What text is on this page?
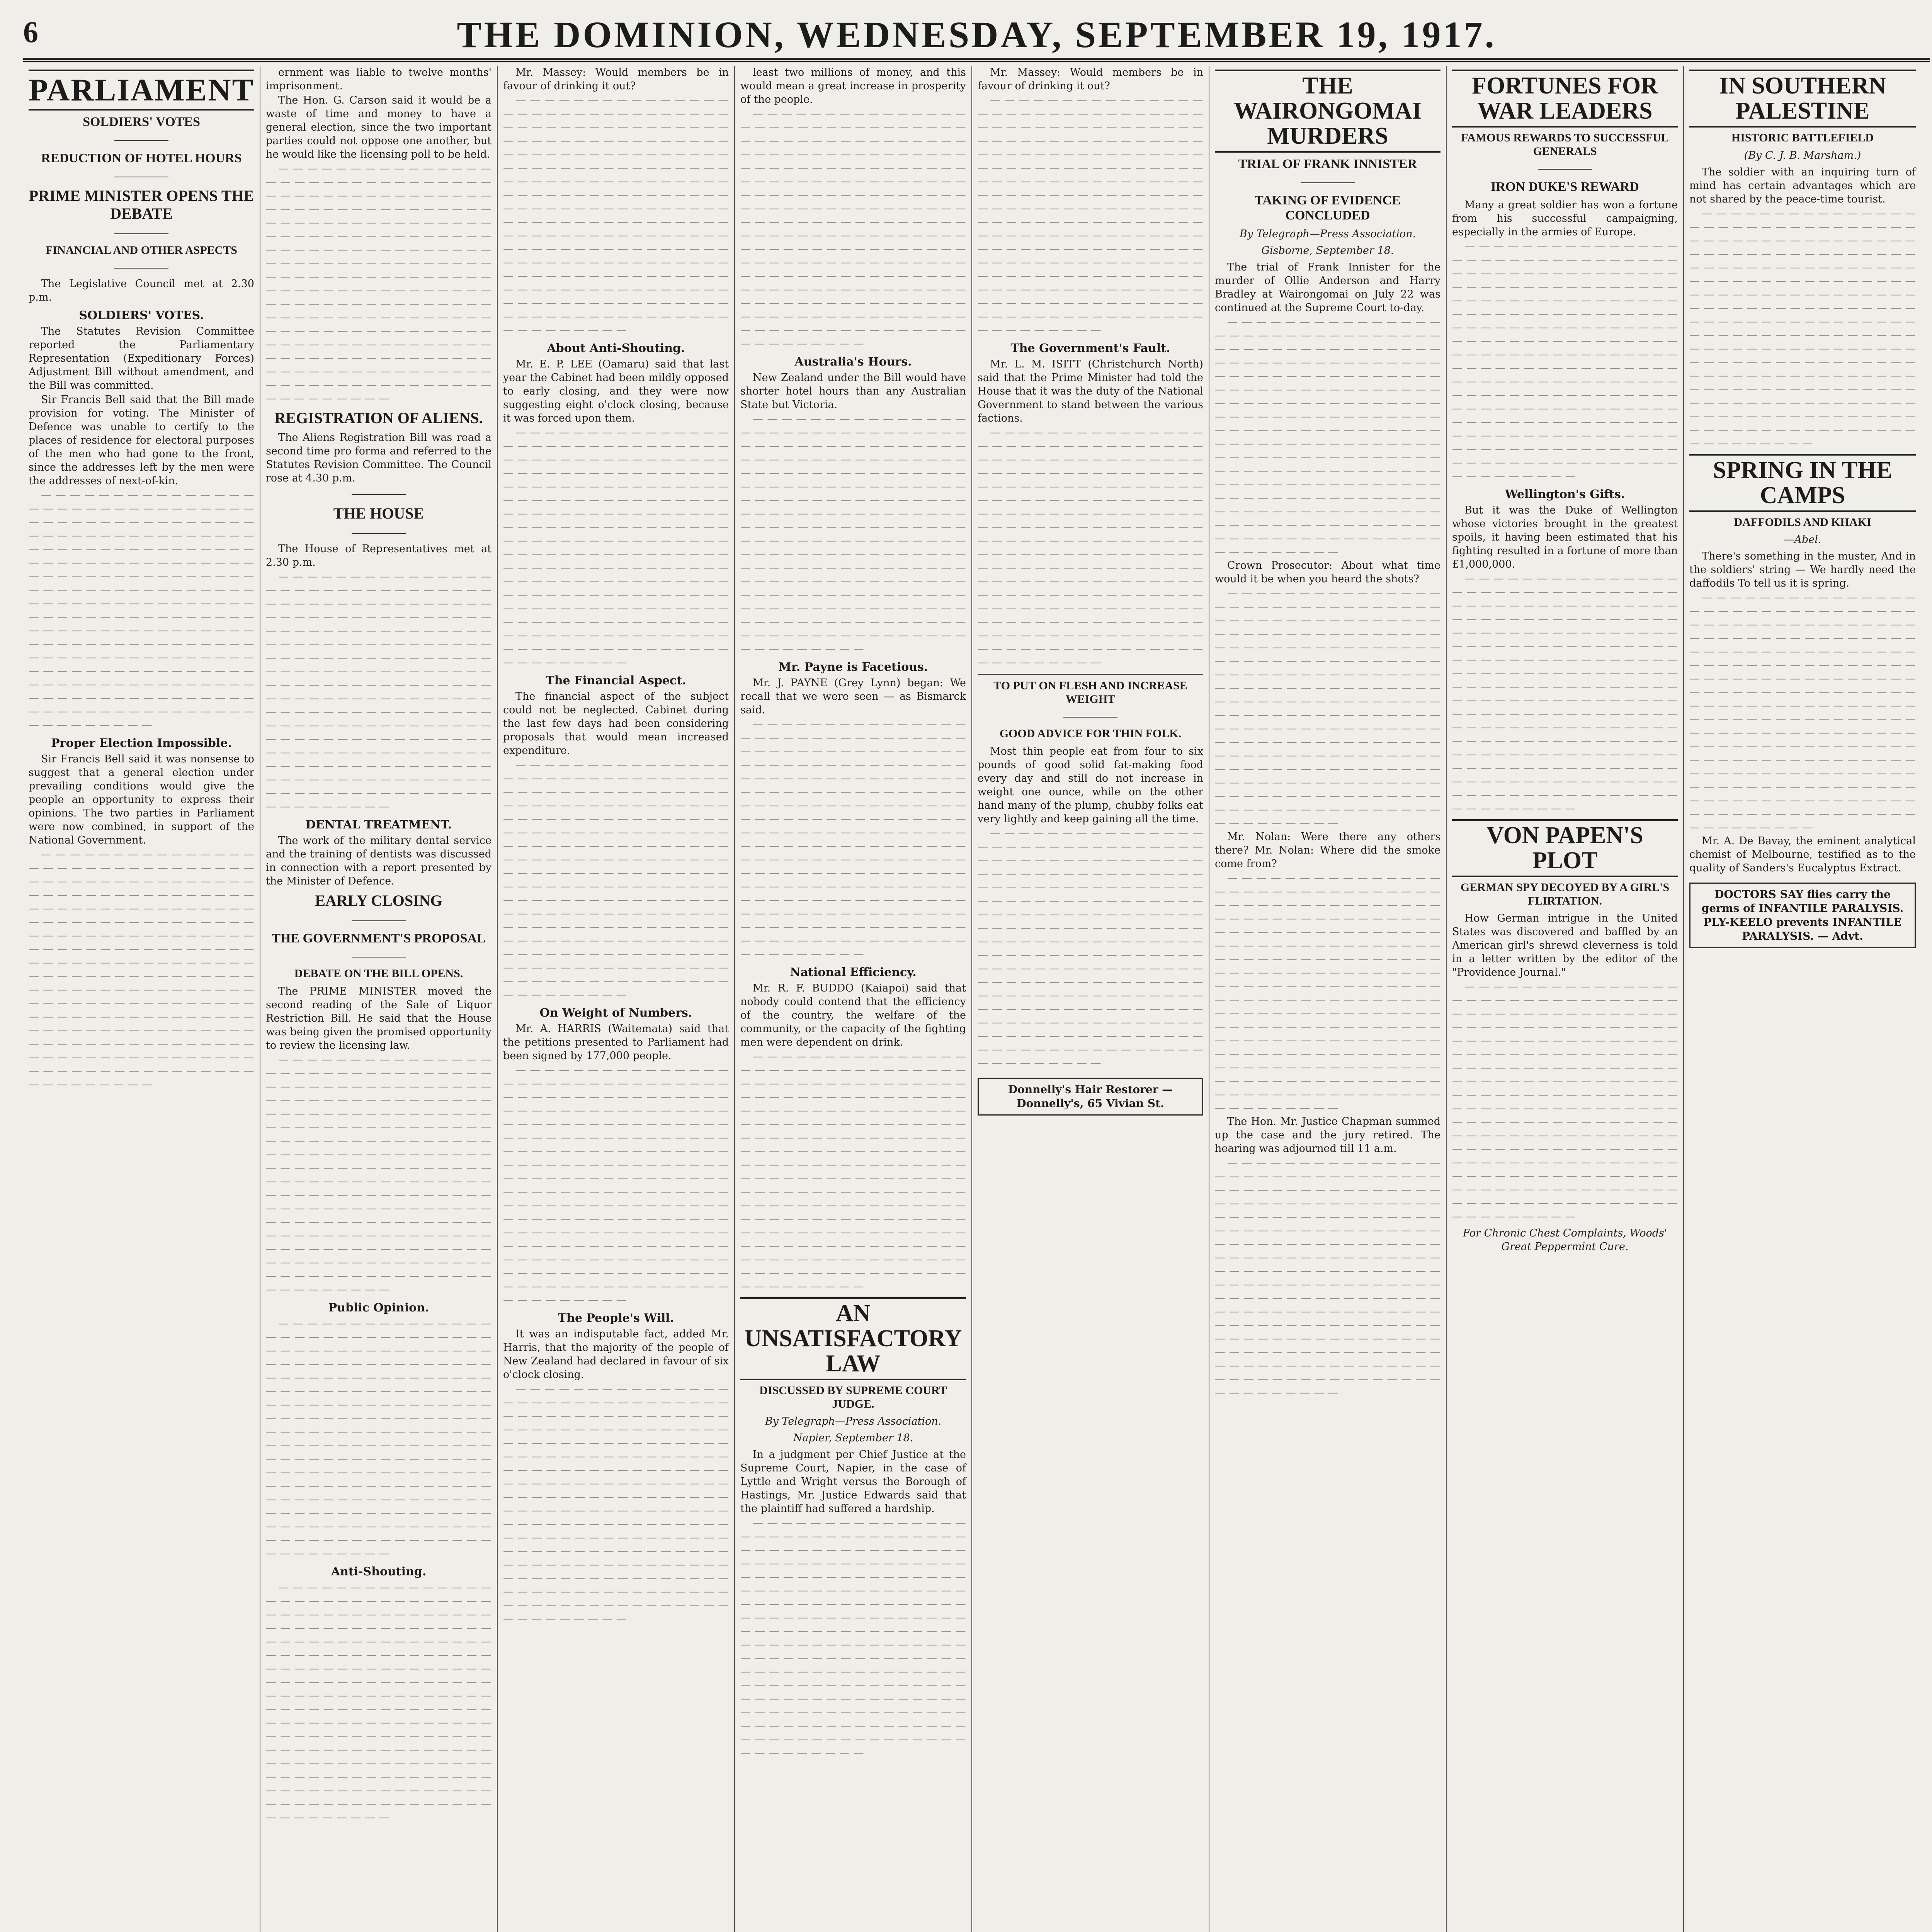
6	THE DOMINION, WEDNESDAY, SEPTEMBER 19, 1917.
PARLIAMENT
SOLDIERS' VOTES
REDUCTION OF HOTEL HOURS
PRIME MINISTER OPENS THE DEBATE
FINANCIAL AND OTHER ASPECTS

The Legislative Council met at 2.30 p.m.

SOLDIERS' VOTES.

The Statutes Revision Committee reported the Parliamentary Representation (Expeditionary Forces) Adjustment Bill without amendment, and the Bill was committed.

Sir Francis Bell said that the Bill made provision for voting. The Minister of Defence was unable to certify to the places of residence for electoral purposes of the men who had gone to the front, since the addresses left by the men were the addresses of next-of-kin.

— — — — — — — — — — — — — — — — — — — — — — — — — — — — — — — — — — — — — — — — — — — — — — — — — — — — — — — — — — — — — — — — — — — — — — — — — — — — — — — — — — — — — — — — — — — — — — — — — — — — — — — — — — — — — — — — — — — — — — — — — — — — — — — — — — — — — — — — — — — — — — — — — — — — — — — — — — — — — — — — — — — — — — — — — — — — — — — — — — — — — — — — — — — — — — — — — — — — — — — — — — — — — — — — — — — — — — — — — — — — — — — — — — — — — — — — — — — — — — — — — — — — — — — — — — — — — — — — — — — — — — — — — — — — — — — — — — — — — — — —
Proper Election Impossible.

Sir Francis Bell said it was nonsense to suggest that a general election under prevailing conditions would give the people an opportunity to express their opinions. The two parties in Parliament were now combined, in support of the National Government.

— — — — — — — — — — — — — — — — — — — — — — — — — — — — — — — — — — — — — — — — — — — — — — — — — — — — — — — — — — — — — — — — — — — — — — — — — — — — — — — — — — — — — — — — — — — — — — — — — — — — — — — — — — — — — — — — — — — — — — — — — — — — — — — — — — — — — — — — — — — — — — — — — — — — — — — — — — — — — — — — — — — — — — — — — — — — — — — — — — — — — — — — — — — — — — — — — — — — — — — — — — — — — — — — — — — — — — — — — — — — — — — — — — — — — — — — — — — — — — — — — — — — — — — — — — — — — — — — — — — — — — — — — — — — — — — — — — — — — — — —

ernment was liable to twelve months' imprisonment.

The Hon. G. Carson said it would be a waste of time and money to have a general election, since the two important parties could not oppose one another, but he would like the licensing poll to be held.

— — — — — — — — — — — — — — — — — — — — — — — — — — — — — — — — — — — — — — — — — — — — — — — — — — — — — — — — — — — — — — — — — — — — — — — — — — — — — — — — — — — — — — — — — — — — — — — — — — — — — — — — — — — — — — — — — — — — — — — — — — — — — — — — — — — — — — — — — — — — — — — — — — — — — — — — — — — — — — — — — — — — — — — — — — — — — — — — — — — — — — — — — — — — — — — — — — — — — — — — — — — — — — — — — — — — — — — — — — — — — — — — — — — — — — — — — — — — — — — — — — — — — — — — — — — — — — — — — — — — — — — — — — — — — — — — — — — — — — — —
REGISTRATION OF ALIENS.

The Aliens Registration Bill was read a second time pro forma and referred to the Statutes Revision Committee. The Council rose at 4.30 p.m.

THE HOUSE

The House of Representatives met at 2.30 p.m.

— — — — — — — — — — — — — — — — — — — — — — — — — — — — — — — — — — — — — — — — — — — — — — — — — — — — — — — — — — — — — — — — — — — — — — — — — — — — — — — — — — — — — — — — — — — — — — — — — — — — — — — — — — — — — — — — — — — — — — — — — — — — — — — — — — — — — — — — — — — — — — — — — — — — — — — — — — — — — — — — — — — — — — — — — — — — — — — — — — — — — — — — — — — — — — — — — — — — — — — — — — — — — — — — — — — — — — — — — — — — — — — — — — — — — — — — — — — — — — — — — — — — — — — — — — — — — — — — — — — — — — — — — — — — — — — — — — — — — — — —
DENTAL TREATMENT.

The work of the military dental service and the training of dentists was discussed in connection with a report presented by the Minister of Defence.

EARLY CLOSING
THE GOVERNMENT'S PROPOSAL
DEBATE ON THE BILL OPENS.

The PRIME MINISTER moved the second reading of the Sale of Liquor Restriction Bill. He said that the House was being given the promised opportunity to review the licensing law.

— — — — — — — — — — — — — — — — — — — — — — — — — — — — — — — — — — — — — — — — — — — — — — — — — — — — — — — — — — — — — — — — — — — — — — — — — — — — — — — — — — — — — — — — — — — — — — — — — — — — — — — — — — — — — — — — — — — — — — — — — — — — — — — — — — — — — — — — — — — — — — — — — — — — — — — — — — — — — — — — — — — — — — — — — — — — — — — — — — — — — — — — — — — — — — — — — — — — — — — — — — — — — — — — — — — — — — — — — — — — — — — — — — — — — — — — — — — — — — — — — — — — — — — — — — — — — — — — — — — — — — — — — — — — — — — — — — — — — — — —
Public Opinion.
— — — — — — — — — — — — — — — — — — — — — — — — — — — — — — — — — — — — — — — — — — — — — — — — — — — — — — — — — — — — — — — — — — — — — — — — — — — — — — — — — — — — — — — — — — — — — — — — — — — — — — — — — — — — — — — — — — — — — — — — — — — — — — — — — — — — — — — — — — — — — — — — — — — — — — — — — — — — — — — — — — — — — — — — — — — — — — — — — — — — — — — — — — — — — — — — — — — — — — — — — — — — — — — — — — — — — — — — — — — — — — — — — — — — — — — — — — — — — — — — — — — — — — — — — — — — — — — — — — — — — — — — — — — — — — — — — — — — — — — —
Anti-Shouting.
— — — — — — — — — — — — — — — — — — — — — — — — — — — — — — — — — — — — — — — — — — — — — — — — — — — — — — — — — — — — — — — — — — — — — — — — — — — — — — — — — — — — — — — — — — — — — — — — — — — — — — — — — — — — — — — — — — — — — — — — — — — — — — — — — — — — — — — — — — — — — — — — — — — — — — — — — — — — — — — — — — — — — — — — — — — — — — — — — — — — — — — — — — — — — — — — — — — — — — — — — — — — — — — — — — — — — — — — — — — — — — — — — — — — — — — — — — — — — — — — — — — — — — — — — — — — — — — — — — — — — — — — — — — — — — — — — — — — — — — —

Mr. Massey: Would members be in favour of drinking it out?

— — — — — — — — — — — — — — — — — — — — — — — — — — — — — — — — — — — — — — — — — — — — — — — — — — — — — — — — — — — — — — — — — — — — — — — — — — — — — — — — — — — — — — — — — — — — — — — — — — — — — — — — — — — — — — — — — — — — — — — — — — — — — — — — — — — — — — — — — — — — — — — — — — — — — — — — — — — — — — — — — — — — — — — — — — — — — — — — — — — — — — — — — — — — — — — — — — — — — — — — — — — — — — — — — — — — — — — — — — — — — — — — — — — — — — — — — — — — — — — — — — — — — — — — — — — — — — — — — — — — — — — — — — — — — — — — — — — — — — — —
About Anti-Shouting.

Mr. E. P. LEE (Oamaru) said that last year the Cabinet had been mildly opposed to early closing, and they were now suggesting eight o'clock closing, because it was forced upon them.

— — — — — — — — — — — — — — — — — — — — — — — — — — — — — — — — — — — — — — — — — — — — — — — — — — — — — — — — — — — — — — — — — — — — — — — — — — — — — — — — — — — — — — — — — — — — — — — — — — — — — — — — — — — — — — — — — — — — — — — — — — — — — — — — — — — — — — — — — — — — — — — — — — — — — — — — — — — — — — — — — — — — — — — — — — — — — — — — — — — — — — — — — — — — — — — — — — — — — — — — — — — — — — — — — — — — — — — — — — — — — — — — — — — — — — — — — — — — — — — — — — — — — — — — — — — — — — — — — — — — — — — — — — — — — — — — — — — — — — — —
The Financial Aspect.

The financial aspect of the subject could not be neglected. Cabinet during the last few days had been considering proposals that would mean increased expenditure.

— — — — — — — — — — — — — — — — — — — — — — — — — — — — — — — — — — — — — — — — — — — — — — — — — — — — — — — — — — — — — — — — — — — — — — — — — — — — — — — — — — — — — — — — — — — — — — — — — — — — — — — — — — — — — — — — — — — — — — — — — — — — — — — — — — — — — — — — — — — — — — — — — — — — — — — — — — — — — — — — — — — — — — — — — — — — — — — — — — — — — — — — — — — — — — — — — — — — — — — — — — — — — — — — — — — — — — — — — — — — — — — — — — — — — — — — — — — — — — — — — — — — — — — — — — — — — — — — — — — — — — — — — — — — — — — — — — — — — — — —
On Weight of Numbers.

Mr. A. HARRIS (Waitemata) said that the petitions presented to Parliament had been signed by 177,000 people.

— — — — — — — — — — — — — — — — — — — — — — — — — — — — — — — — — — — — — — — — — — — — — — — — — — — — — — — — — — — — — — — — — — — — — — — — — — — — — — — — — — — — — — — — — — — — — — — — — — — — — — — — — — — — — — — — — — — — — — — — — — — — — — — — — — — — — — — — — — — — — — — — — — — — — — — — — — — — — — — — — — — — — — — — — — — — — — — — — — — — — — — — — — — — — — — — — — — — — — — — — — — — — — — — — — — — — — — — — — — — — — — — — — — — — — — — — — — — — — — — — — — — — — — — — — — — — — — — — — — — — — — — — — — — — — — — — — — — — — — —
The People's Will.

It was an indisputable fact, added Mr. Harris, that the majority of the people of New Zealand had declared in favour of six o'clock closing.

— — — — — — — — — — — — — — — — — — — — — — — — — — — — — — — — — — — — — — — — — — — — — — — — — — — — — — — — — — — — — — — — — — — — — — — — — — — — — — — — — — — — — — — — — — — — — — — — — — — — — — — — — — — — — — — — — — — — — — — — — — — — — — — — — — — — — — — — — — — — — — — — — — — — — — — — — — — — — — — — — — — — — — — — — — — — — — — — — — — — — — — — — — — — — — — — — — — — — — — — — — — — — — — — — — — — — — — — — — — — — — — — — — — — — — — — — — — — — — — — — — — — — — — — — — — — — — — — — — — — — — — — — — — — — — — — — — — — — — — —

least two millions of money, and this would mean a great increase in prosperity of the people.

— — — — — — — — — — — — — — — — — — — — — — — — — — — — — — — — — — — — — — — — — — — — — — — — — — — — — — — — — — — — — — — — — — — — — — — — — — — — — — — — — — — — — — — — — — — — — — — — — — — — — — — — — — — — — — — — — — — — — — — — — — — — — — — — — — — — — — — — — — — — — — — — — — — — — — — — — — — — — — — — — — — — — — — — — — — — — — — — — — — — — — — — — — — — — — — — — — — — — — — — — — — — — — — — — — — — — — — — — — — — — — — — — — — — — — — — — — — — — — — — — — — — — — — — — — — — — — — — — — — — — — — — — — — — — — — — — — — — — — — —
Australia's Hours.

New Zealand under the Bill would have shorter hotel hours than any Australian State but Victoria.

— — — — — — — — — — — — — — — — — — — — — — — — — — — — — — — — — — — — — — — — — — — — — — — — — — — — — — — — — — — — — — — — — — — — — — — — — — — — — — — — — — — — — — — — — — — — — — — — — — — — — — — — — — — — — — — — — — — — — — — — — — — — — — — — — — — — — — — — — — — — — — — — — — — — — — — — — — — — — — — — — — — — — — — — — — — — — — — — — — — — — — — — — — — — — — — — — — — — — — — — — — — — — — — — — — — — — — — — — — — — — — — — — — — — — — — — — — — — — — — — — — — — — — — — — — — — — — — — — — — — — — — — — — — — — — — — — — — — — — — —
Mr. Payne is Facetious.

Mr. J. PAYNE (Grey Lynn) began: We recall that we were seen — as Bismarck said.

— — — — — — — — — — — — — — — — — — — — — — — — — — — — — — — — — — — — — — — — — — — — — — — — — — — — — — — — — — — — — — — — — — — — — — — — — — — — — — — — — — — — — — — — — — — — — — — — — — — — — — — — — — — — — — — — — — — — — — — — — — — — — — — — — — — — — — — — — — — — — — — — — — — — — — — — — — — — — — — — — — — — — — — — — — — — — — — — — — — — — — — — — — — — — — — — — — — — — — — — — — — — — — — — — — — — — — — — — — — — — — — — — — — — — — — — — — — — — — — — — — — — — — — — — — — — — — — — — — — — — — — — — — — — — — — — — — — — — — — —
National Efficiency.

Mr. R. F. BUDDO (Kaiapoi) said that nobody could contend that the efficiency of the country, the welfare of the community, or the capacity of the fighting men were dependent on drink.

— — — — — — — — — — — — — — — — — — — — — — — — — — — — — — — — — — — — — — — — — — — — — — — — — — — — — — — — — — — — — — — — — — — — — — — — — — — — — — — — — — — — — — — — — — — — — — — — — — — — — — — — — — — — — — — — — — — — — — — — — — — — — — — — — — — — — — — — — — — — — — — — — — — — — — — — — — — — — — — — — — — — — — — — — — — — — — — — — — — — — — — — — — — — — — — — — — — — — — — — — — — — — — — — — — — — — — — — — — — — — — — — — — — — — — — — — — — — — — — — — — — — — — — — — — — — — — — — — — — — — — — — — — — — — — — — — — — — — — — —
AN UNSATISFACTORY LAW
DISCUSSED BY SUPREME COURT JUDGE.
By Telegraph—Press Association.
Napier, September 18.

In a judgment per Chief Justice at the Supreme Court, Napier, in the case of Lyttle and Wright versus the Borough of Hastings, Mr. Justice Edwards said that the plaintiff had suffered a hardship.

— — — — — — — — — — — — — — — — — — — — — — — — — — — — — — — — — — — — — — — — — — — — — — — — — — — — — — — — — — — — — — — — — — — — — — — — — — — — — — — — — — — — — — — — — — — — — — — — — — — — — — — — — — — — — — — — — — — — — — — — — — — — — — — — — — — — — — — — — — — — — — — — — — — — — — — — — — — — — — — — — — — — — — — — — — — — — — — — — — — — — — — — — — — — — — — — — — — — — — — — — — — — — — — — — — — — — — — — — — — — — — — — — — — — — — — — — — — — — — — — — — — — — — — — — — — — — — — — — — — — — — — — — — — — — — — — — — — — — — — —

Mr. Massey: Would members be in favour of drinking it out?

— — — — — — — — — — — — — — — — — — — — — — — — — — — — — — — — — — — — — — — — — — — — — — — — — — — — — — — — — — — — — — — — — — — — — — — — — — — — — — — — — — — — — — — — — — — — — — — — — — — — — — — — — — — — — — — — — — — — — — — — — — — — — — — — — — — — — — — — — — — — — — — — — — — — — — — — — — — — — — — — — — — — — — — — — — — — — — — — — — — — — — — — — — — — — — — — — — — — — — — — — — — — — — — — — — — — — — — — — — — — — — — — — — — — — — — — — — — — — — — — — — — — — — — — — — — — — — — — — — — — — — — — — — — — — — — — — — — — — — — —
The Government's Fault.

Mr. L. M. ISITT (Christchurch North) said that the Prime Minister had told the House that it was the duty of the National Government to stand between the various factions.

— — — — — — — — — — — — — — — — — — — — — — — — — — — — — — — — — — — — — — — — — — — — — — — — — — — — — — — — — — — — — — — — — — — — — — — — — — — — — — — — — — — — — — — — — — — — — — — — — — — — — — — — — — — — — — — — — — — — — — — — — — — — — — — — — — — — — — — — — — — — — — — — — — — — — — — — — — — — — — — — — — — — — — — — — — — — — — — — — — — — — — — — — — — — — — — — — — — — — — — — — — — — — — — — — — — — — — — — — — — — — — — — — — — — — — — — — — — — — — — — — — — — — — — — — — — — — — — — — — — — — — — — — — — — — — — — — — — — — — — —
TO PUT ON FLESH AND INCREASE WEIGHT
GOOD ADVICE FOR THIN FOLK.

Most thin people eat from four to six pounds of good solid fat-making food every day and still do not increase in weight one ounce, while on the other hand many of the plump, chubby folks eat very lightly and keep gaining all the time.

— — — — — — — — — — — — — — — — — — — — — — — — — — — — — — — — — — — — — — — — — — — — — — — — — — — — — — — — — — — — — — — — — — — — — — — — — — — — — — — — — — — — — — — — — — — — — — — — — — — — — — — — — — — — — — — — — — — — — — — — — — — — — — — — — — — — — — — — — — — — — — — — — — — — — — — — — — — — — — — — — — — — — — — — — — — — — — — — — — — — — — — — — — — — — — — — — — — — — — — — — — — — — — — — — — — — — — — — — — — — — — — — — — — — — — — — — — — — — — — — — — — — — — — — — — — — — — — — — — — — — — — — — — — — — — — — — — — — — — — —
Donnelly's Hair Restorer — Donnelly's, 65 Vivian St.
THE WAIRONGOMAI MURDERS
TRIAL OF FRANK INNISTER
TAKING OF EVIDENCE CONCLUDED
By Telegraph—Press Association.
Gisborne, September 18.

The trial of Frank Innister for the murder of Ollie Anderson and Harry Bradley at Wairongomai on July 22 was continued at the Supreme Court to-day.

— — — — — — — — — — — — — — — — — — — — — — — — — — — — — — — — — — — — — — — — — — — — — — — — — — — — — — — — — — — — — — — — — — — — — — — — — — — — — — — — — — — — — — — — — — — — — — — — — — — — — — — — — — — — — — — — — — — — — — — — — — — — — — — — — — — — — — — — — — — — — — — — — — — — — — — — — — — — — — — — — — — — — — — — — — — — — — — — — — — — — — — — — — — — — — — — — — — — — — — — — — — — — — — — — — — — — — — — — — — — — — — — — — — — — — — — — — — — — — — — — — — — — — — — — — — — — — — — — — — — — — — — — — — — — — — — — — — — — — — —

Crown Prosecutor: About what time would it be when you heard the shots?

— — — — — — — — — — — — — — — — — — — — — — — — — — — — — — — — — — — — — — — — — — — — — — — — — — — — — — — — — — — — — — — — — — — — — — — — — — — — — — — — — — — — — — — — — — — — — — — — — — — — — — — — — — — — — — — — — — — — — — — — — — — — — — — — — — — — — — — — — — — — — — — — — — — — — — — — — — — — — — — — — — — — — — — — — — — — — — — — — — — — — — — — — — — — — — — — — — — — — — — — — — — — — — — — — — — — — — — — — — — — — — — — — — — — — — — — — — — — — — — — — — — — — — — — — — — — — — — — — — — — — — — — — — — — — — — — — — — — — — — —

Mr. Nolan: Were there any others there? Mr. Nolan: Where did the smoke come from?

— — — — — — — — — — — — — — — — — — — — — — — — — — — — — — — — — — — — — — — — — — — — — — — — — — — — — — — — — — — — — — — — — — — — — — — — — — — — — — — — — — — — — — — — — — — — — — — — — — — — — — — — — — — — — — — — — — — — — — — — — — — — — — — — — — — — — — — — — — — — — — — — — — — — — — — — — — — — — — — — — — — — — — — — — — — — — — — — — — — — — — — — — — — — — — — — — — — — — — — — — — — — — — — — — — — — — — — — — — — — — — — — — — — — — — — — — — — — — — — — — — — — — — — — — — — — — — — — — — — — — — — — — — — — — — — — — — — — — — — —

The Hon. Mr. Justice Chapman summed up the case and the jury retired. The hearing was adjourned till 11 a.m.

— — — — — — — — — — — — — — — — — — — — — — — — — — — — — — — — — — — — — — — — — — — — — — — — — — — — — — — — — — — — — — — — — — — — — — — — — — — — — — — — — — — — — — — — — — — — — — — — — — — — — — — — — — — — — — — — — — — — — — — — — — — — — — — — — — — — — — — — — — — — — — — — — — — — — — — — — — — — — — — — — — — — — — — — — — — — — — — — — — — — — — — — — — — — — — — — — — — — — — — — — — — — — — — — — — — — — — — — — — — — — — — — — — — — — — — — — — — — — — — — — — — — — — — — — — — — — — — — — — — — — — — — — — — — — — — — — — — — — — — —
FORTUNES FOR WAR LEADERS
FAMOUS REWARDS TO SUCCESSFUL GENERALS
IRON DUKE'S REWARD

Many a great soldier has won a fortune from his successful campaigning, especially in the armies of Europe.

— — — — — — — — — — — — — — — — — — — — — — — — — — — — — — — — — — — — — — — — — — — — — — — — — — — — — — — — — — — — — — — — — — — — — — — — — — — — — — — — — — — — — — — — — — — — — — — — — — — — — — — — — — — — — — — — — — — — — — — — — — — — — — — — — — — — — — — — — — — — — — — — — — — — — — — — — — — — — — — — — — — — — — — — — — — — — — — — — — — — — — — — — — — — — — — — — — — — — — — — — — — — — — — — — — — — — — — — — — — — — — — — — — — — — — — — — — — — — — — — — — — — — — — — — — — — — — — — — — — — — — — — — — — — — — — — — — — — — — — —
Wellington's Gifts.

But it was the Duke of Wellington whose victories brought in the greatest spoils, it having been estimated that his fighting resulted in a fortune of more than £1,000,000.

— — — — — — — — — — — — — — — — — — — — — — — — — — — — — — — — — — — — — — — — — — — — — — — — — — — — — — — — — — — — — — — — — — — — — — — — — — — — — — — — — — — — — — — — — — — — — — — — — — — — — — — — — — — — — — — — — — — — — — — — — — — — — — — — — — — — — — — — — — — — — — — — — — — — — — — — — — — — — — — — — — — — — — — — — — — — — — — — — — — — — — — — — — — — — — — — — — — — — — — — — — — — — — — — — — — — — — — — — — — — — — — — — — — — — — — — — — — — — — — — — — — — — — — — — — — — — — — — — — — — — — — — — — — — — — — — — — — — — — — —
VON PAPEN'S PLOT
GERMAN SPY DECOYED BY A GIRL'S FLIRTATION.

How German intrigue in the United States was discovered and baffled by an American girl's shrewd cleverness is told in a letter written by the editor of the "Providence Journal."

— — — — — — — — — — — — — — — — — — — — — — — — — — — — — — — — — — — — — — — — — — — — — — — — — — — — — — — — — — — — — — — — — — — — — — — — — — — — — — — — — — — — — — — — — — — — — — — — — — — — — — — — — — — — — — — — — — — — — — — — — — — — — — — — — — — — — — — — — — — — — — — — — — — — — — — — — — — — — — — — — — — — — — — — — — — — — — — — — — — — — — — — — — — — — — — — — — — — — — — — — — — — — — — — — — — — — — — — — — — — — — — — — — — — — — — — — — — — — — — — — — — — — — — — — — — — — — — — — — — — — — — — — — — — — — — — — — — — — — — —
For Chronic Chest Complaints, Woods' Great Peppermint Cure.
IN SOUTHERN PALESTINE
HISTORIC BATTLEFIELD
(By C. J. B. Marsham.)

The soldier with an inquiring turn of mind has certain advantages which are not shared by the peace-time tourist.

— — — — — — — — — — — — — — — — — — — — — — — — — — — — — — — — — — — — — — — — — — — — — — — — — — — — — — — — — — — — — — — — — — — — — — — — — — — — — — — — — — — — — — — — — — — — — — — — — — — — — — — — — — — — — — — — — — — — — — — — — — — — — — — — — — — — — — — — — — — — — — — — — — — — — — — — — — — — — — — — — — — — — — — — — — — — — — — — — — — — — — — — — — — — — — — — — — — — — — — — — — — — — — — — — — — — — — — — — — — — — — — — — — — — — — — — — — — — — — — — — — — — — — — — — — — — — — — — — — — — — — — — — — — — — — — — — — — — — — — —
SPRING IN THE CAMPS
DAFFODILS AND KHAKI
—Abel.

There's something in the muster, And in the soldiers' string — We hardly need the daffodils To tell us it is spring.

— — — — — — — — — — — — — — — — — — — — — — — — — — — — — — — — — — — — — — — — — — — — — — — — — — — — — — — — — — — — — — — — — — — — — — — — — — — — — — — — — — — — — — — — — — — — — — — — — — — — — — — — — — — — — — — — — — — — — — — — — — — — — — — — — — — — — — — — — — — — — — — — — — — — — — — — — — — — — — — — — — — — — — — — — — — — — — — — — — — — — — — — — — — — — — — — — — — — — — — — — — — — — — — — — — — — — — — — — — — — — — — — — — — — — — — — — — — — — — — — — — — — — — — — — — — — — — — — — — — — — — — — — — — — — — — — — — — — — — — —

Mr. A. De Bavay, the eminent analytical chemist of Melbourne, testified as to the quality of Sanders's Eucalyptus Extract.

DOCTORS SAY flies carry the germs of INFANTILE PARALYSIS. PLY-KEELO prevents INFANTILE PARALYSIS. — Advt.
